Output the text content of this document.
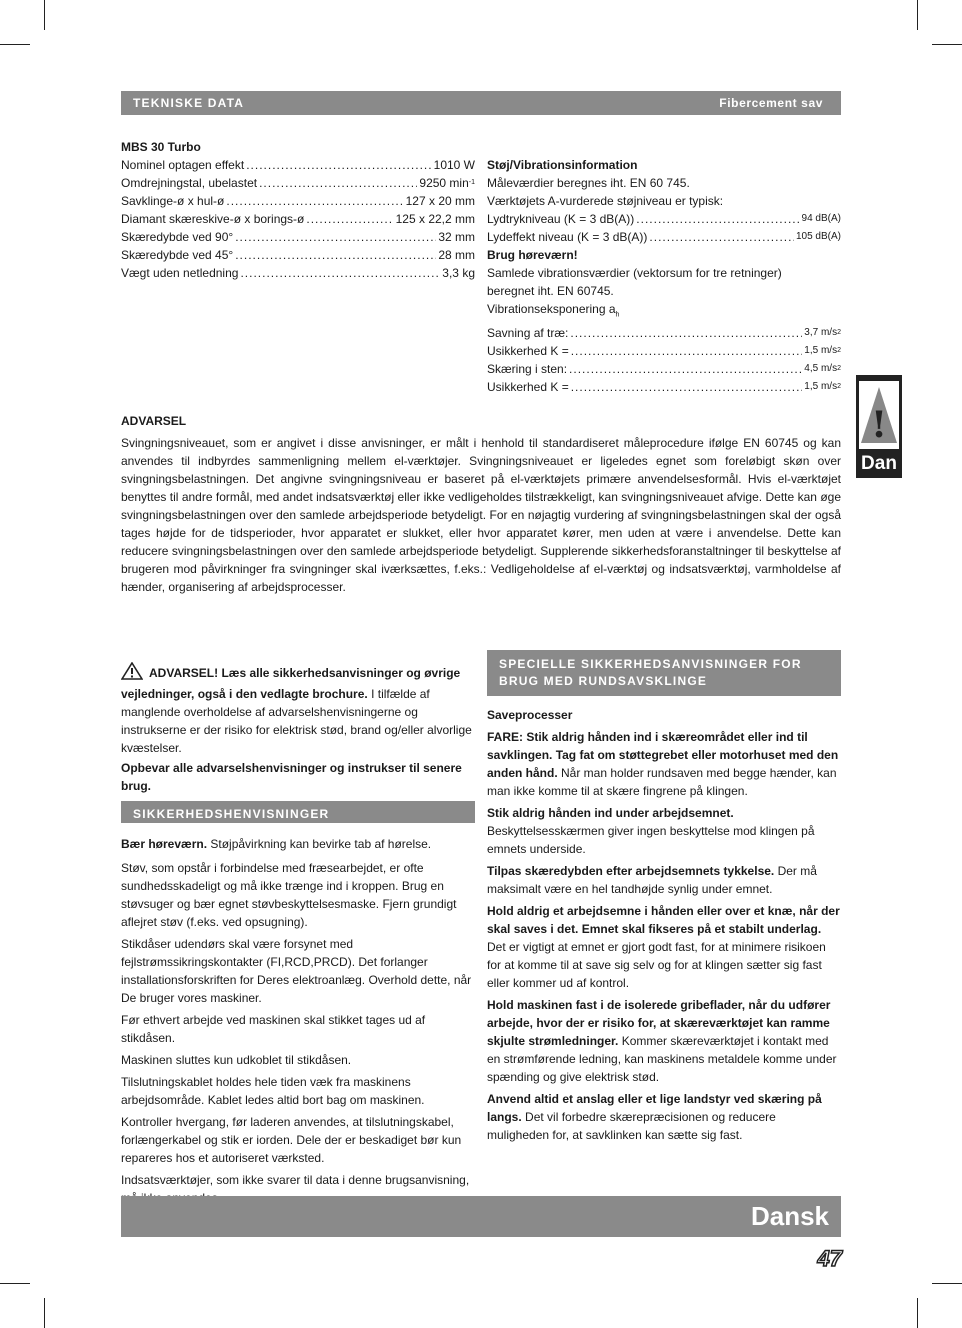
TEKNISKE DATA	Fibercement sav
MBS 30 Turbo
Nominel optagen effekt .....	1010 W
Omdrejningstal, ubelastet .....	9250 min -1
Savklinge-ø x hul-ø .....	127 x 20 mm
Diamant skæreskive-ø x borings-ø .....	125 x 22,2 mm
Skæredybde ved 90° .....	32 mm
Skæredybde ved 45° .....	28 mm
Vægt uden netledning .....	3,3 kg
Støj/Vibrationsinformation
Måleværdier beregnes iht. EN 60 745.
Værktøjets A-vurderede støjniveau er typisk:
Lydtrykniveau (K = 3 dB(A)) .....	94 dB(A)
Lydeffekt niveau (K = 3 dB(A)) .....	105 dB(A)
Brug høreværn!
Samlede vibrationsværdier (vektorsum for tre retninger)
beregnet iht. EN 60745.
Vibrationseksponering $a_h$
Savning af træ: .....	3,7 m/s 2
Usikkerhed K = .....	1,5 m/s 2
Skæring i sten: .....	4,5 m/s 2
Usikkerhed K = .....	1,5 m/s 2
ADVARSEL
Svingningsniveauet, som er angivet i disse anvisninger, er målt i henhold til standardiseret måleprocedure ifølge EN 60745 og kan anvendes til indbyrdes sammenligning mellem el-værktøjer. Svingningsniveauet er ligeledes egnet som foreløbigt skøn over svingningsbelastningen. Det angivne svingningsniveau er baseret på el-værktøjets primære anvendelsesformål. Hvis el-værktøjet benyttes til andre formål, med andet indsatsværktøj eller ikke vedligeholdes tilstrækkeligt, kan svingningsniveauet afvige. Dette kan øge svingningsbelastningen over den samlede arbejdsperiode betydeligt. For en nøjagtig vurdering af svingningsbelastningen skal der også tages højde for de tidsperioder, hvor apparatet er slukket, eller hvor apparatet kører, men uden at være i anvendelse. Dette kan reducere svingningsbelastningen over den samlede arbejdsperiode betydeligt. Supplerende sikkerhedsforanstaltninger til beskyttelse af brugeren mod påvirkninger fra svingninger skal iværksættes, f.eks.: Vedligeholdelse af el-værktøj og indsatsværktøj, varmholdelse af hænder, organisering af arbejdsprocesser.
!
Dan

ADVARSEL! Læs alle sikkerhedsanvisninger og øvrige vejledninger, også i den vedlagte brochure. I tilfælde af manglende overholdelse af advarselshenvisningerne og instrukserne er der risiko for elektrisk stød, brand og/eller alvorlige kvæstelser.

Opbevar alle advarselshenvisninger og instrukser til senere brug.

SIKKERHEDSHENVISNINGER

Bær høreværn. Støjpåvirkning kan bevirke tab af hørelse.

Støv, som opstår i forbindelse med fræsearbejdet, er ofte sundhedsskadeligt og må ikke trænge ind i kroppen. Brug en støvsuger og bær egnet støvbeskyttelsesmaske. Fjern grundigt aflejret støv (f.eks. ved opsugning).

Stikdåser udendørs skal være forsynet med fejlstrømssikringskontakter (FI,RCD,PRCD). Det forlanger installationsforskriften for Deres elektroanlæg. Overhold dette, når De bruger vores maskiner.

Før ethvert arbejde ved maskinen skal stikket tages ud af stikdåsen.

Maskinen sluttes kun udkoblet til stikdåsen.

Tilslutningskablet holdes hele tiden væk fra maskinens arbejdsområde. Kablet ledes altid bort bag om maskinen.

Kontroller hvergang, før laderen anvendes, at tilslutningskabel, forlængerkabel og stik er iorden. Dele der er beskadiget bør kun repareres hos et autoriseret værksted.

Indsatsværktøjer, som ikke svarer til data i denne brugsanvisning,

SPECIELLE SIKKERHEDSANVISNINGER FOR BRUG MED RUNDSAVSKLINGE

Saveprocesser

FARE: Stik aldrig hånden ind i skæreområdet eller ind til savklingen. Tag fat om støttegrebet eller motorhuset med den anden hånd. Når man holder rundsaven med begge hænder, kan man ikke komme til at skære fingrene på klingen.

Stik aldrig hånden ind under arbejdsemnet.
Beskyttelsesskærmen giver ingen beskyttelse mod klingen på emnets underside.

Tilpas skæredybden efter arbejdsemnets tykkelse. Der må maksimalt være en hel tandhøjde synlig under emnet.

Hold aldrig et arbejdsemne i hånden eller over et knæ, når der skal saves i det. Emnet skal fikseres på et stabilt underlag. Det er vigtigt at emnet er gjort godt fast, for at minimere risikoen for at komme til at save sig selv og for at klingen sætter sig fast eller kommer ud af kontrol.

Hold maskinen fast i de isolerede gribeflader, når du udfører arbejde, hvor der er risiko for, at skæreværktøjet kan ramme skjulte strømledninger. Kommer skæreværktøjet i kontakt med en strømførende ledning, kan maskinens metaldele komme under spænding og give elektrisk stød.

Anvend altid et anslag eller et lige landstyr ved skæring på langs. Det vil forbedre skærepræcisionen og reducere muligheden for, at savklinken kan sætte sig fast.

Dansk
47
